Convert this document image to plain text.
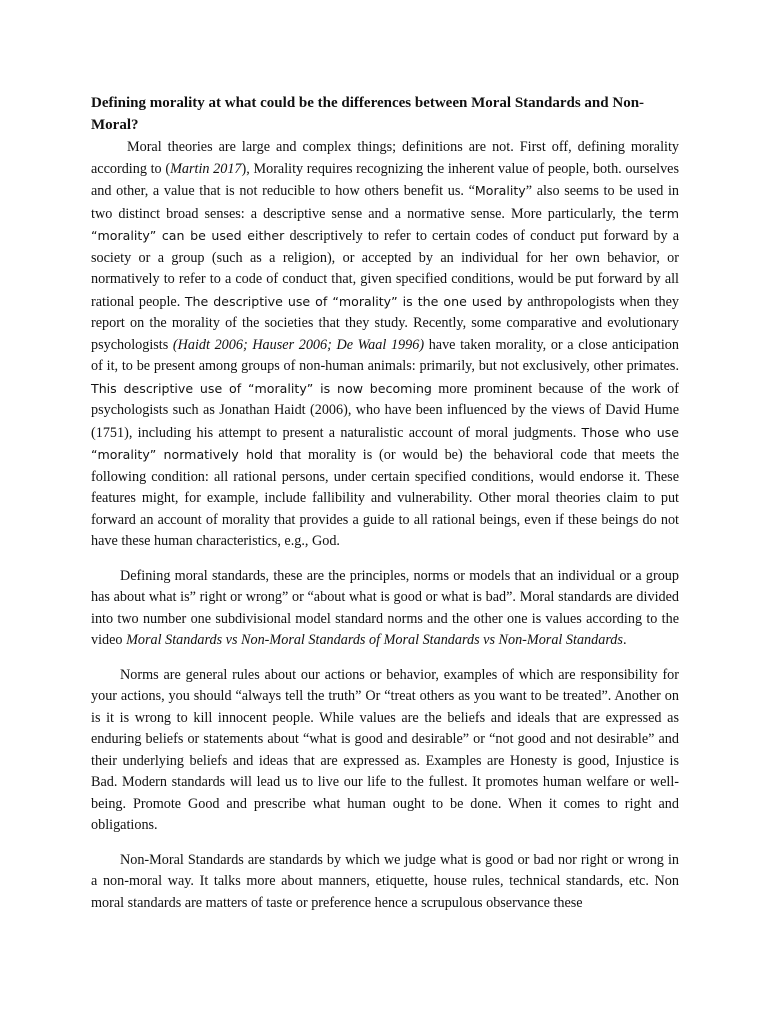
Defining morality at what could be the differences between Moral Standards and Non-Moral?

Moral theories are large and complex things; definitions are not. First off, defining morality according to (Martin 2017), Morality requires recognizing the inherent value of people, both. ourselves and other, a value that is not reducible to how others benefit us. “Morality” also seems to be used in two distinct broad senses: a descriptive sense and a normative sense. More particularly, the term “morality” can be used either descriptively to refer to certain codes of conduct put forward by a society or a group (such as a religion), or accepted by an individual for her own behavior, or normatively to refer to a code of conduct that, given specified conditions, would be put forward by all rational people. The descriptive use of “morality” is the one used by anthropologists when they report on the morality of the societies that they study. Recently, some comparative and evolutionary psychologists (Haidt 2006; Hauser 2006; De Waal 1996) have taken morality, or a close anticipation of it, to be present among groups of non-human animals: primarily, but not exclusively, other primates. This descriptive use of “morality” is now becoming more prominent because of the work of psychologists such as Jonathan Haidt (2006), who have been influenced by the views of David Hume (1751), including his attempt to present a naturalistic account of moral judgments. Those who use “morality” normatively hold that morality is (or would be) the behavioral code that meets the following condition: all rational persons, under certain specified conditions, would endorse it. These features might, for example, include fallibility and vulnerability. Other moral theories claim to put forward an account of morality that provides a guide to all rational beings, even if these beings do not have these human characteristics, e.g., God.

Defining moral standards, these are the principles, norms or models that an individual or a group has about what is” right or wrong” or “about what is good or what is bad”. Moral standards are divided into two number one subdivisional model standard norms and the other one is values according to the video Moral Standards vs Non-Moral Standards of Moral Standards vs Non-Moral Standards.

Norms are general rules about our actions or behavior, examples of which are responsibility for your actions, you should “always tell the truth” Or “treat others as you want to be treated”. Another on is it is wrong to kill innocent people. While values are the beliefs and ideals that are expressed as enduring beliefs or statements about “what is good and desirable” or “not good and not desirable” and their underlying beliefs and ideas that are expressed as. Examples are Honesty is good, Injustice is Bad. Modern standards will lead us to live our life to the fullest. It promotes human welfare or well-being. Promote Good and prescribe what human ought to be done. When it comes to right and obligations.

Non-Moral Standards are standards by which we judge what is good or bad nor right or wrong in a non-moral way. It talks more about manners, etiquette, house rules, technical standards, etc. Non moral standards are matters of taste or preference hence a scrupulous observance these
